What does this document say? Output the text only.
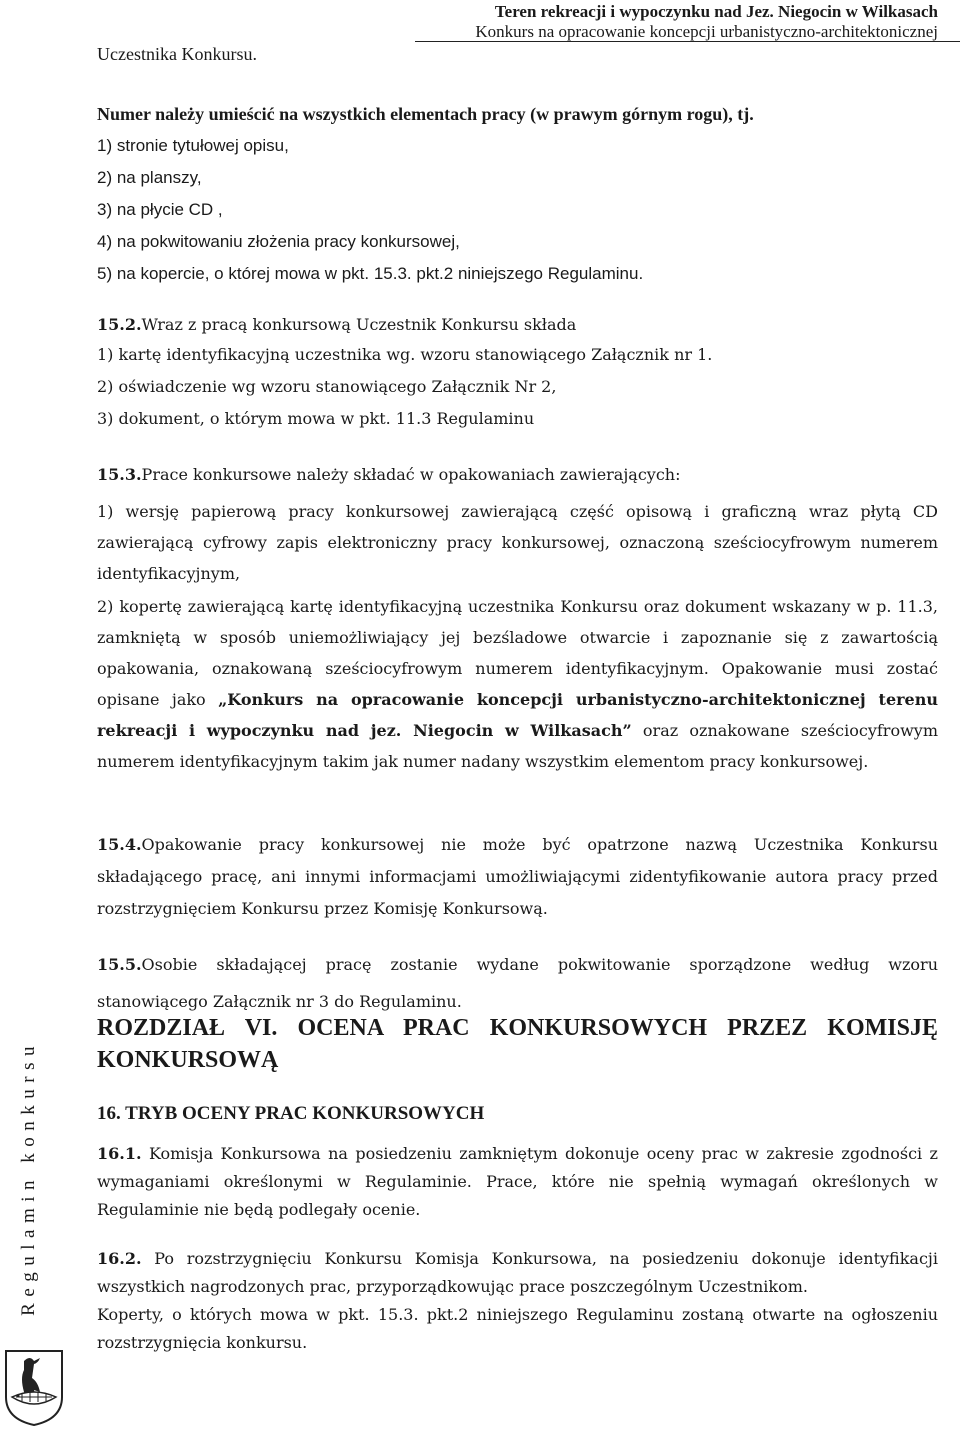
Teren rekreacji i wypoczynku nad Jez. Niegocin w Wilkasach
Konkurs na opracowanie koncepcji urbanistyczno-architektonicznej
Regulamin konkursu
Uczestnika Konkursu.
Numer należy umieścić na wszystkich elementach pracy (w prawym górnym rogu), tj.
1) stronie tytułowej opisu,
2) na planszy,
3) na płycie CD ,
4) na pokwitowaniu złożenia pracy konkursowej,
5) na kopercie, o której mowa w pkt. 15.3. pkt.2 niniejszego Regulaminu.
15.2.Wraz z pracą konkursową Uczestnik Konkursu składa
1) kartę identyfikacyjną uczestnika wg. wzoru stanowiącego Załącznik nr 1.
2) oświadczenie wg wzoru stanowiącego Załącznik Nr 2,
3) dokument, o którym mowa w pkt. 11.3 Regulaminu
15.3.Prace konkursowe należy składać w opakowaniach zawierających:
1) wersję papierową pracy konkursowej zawierającą część opisową i graficzną wraz płytą CD zawierającą cyfrowy zapis elektroniczny pracy konkursowej, oznaczoną sześciocyfrowym numerem identyfikacyjnym,
2) kopertę zawierającą kartę identyfikacyjną uczestnika Konkursu oraz dokument wskazany w p. 11.3, zamkniętą w sposób uniemożliwiający jej bezśladowe otwarcie i zapoznanie się z zawartością opakowania, oznakowaną sześciocyfrowym numerem identyfikacyjnym. Opakowanie musi zostać opisane jako „Konkurs na opracowanie koncepcji urbanistyczno-architektonicznej terenu rekreacji i wypoczynku nad jez. Niegocin w Wilkasach” oraz oznakowane sześciocyfrowym numerem identyfikacyjnym takim jak numer nadany wszystkim elementom pracy konkursowej.
15.4.Opakowanie pracy konkursowej nie może być opatrzone nazwą Uczestnika Konkursu składającego pracę, ani innymi informacjami umożliwiającymi zidentyfikowanie autora pracy przed rozstrzygnięciem Konkursu przez Komisję Konkursową.
15.5.Osobie składającej pracę zostanie wydane pokwitowanie sporządzone według wzoru stanowiącego Załącznik nr 3 do Regulaminu.
ROZDZIAŁ VI. OCENA PRAC KONKURSOWYCH PRZEZ KOMISJĘ KONKURSOWĄ
16. TRYB OCENY PRAC KONKURSOWYCH
16.1. Komisja Konkursowa na posiedzeniu zamkniętym dokonuje oceny prac w zakresie zgodności z wymaganiami określonymi w Regulaminie. Prace, które nie spełnią wymagań określonych w Regulaminie nie będą podlegały ocenie.
16.2. Po rozstrzygnięciu Konkursu Komisja Konkursowa, na posiedzeniu dokonuje identyfikacji wszystkich nagrodzonych prac, przyporządkowując prace poszczególnym Uczestnikom.
Koperty, o których mowa w pkt. 15.3. pkt.2 niniejszego Regulaminu zostaną otwarte na ogłoszeniu rozstrzygnięcia konkursu.
